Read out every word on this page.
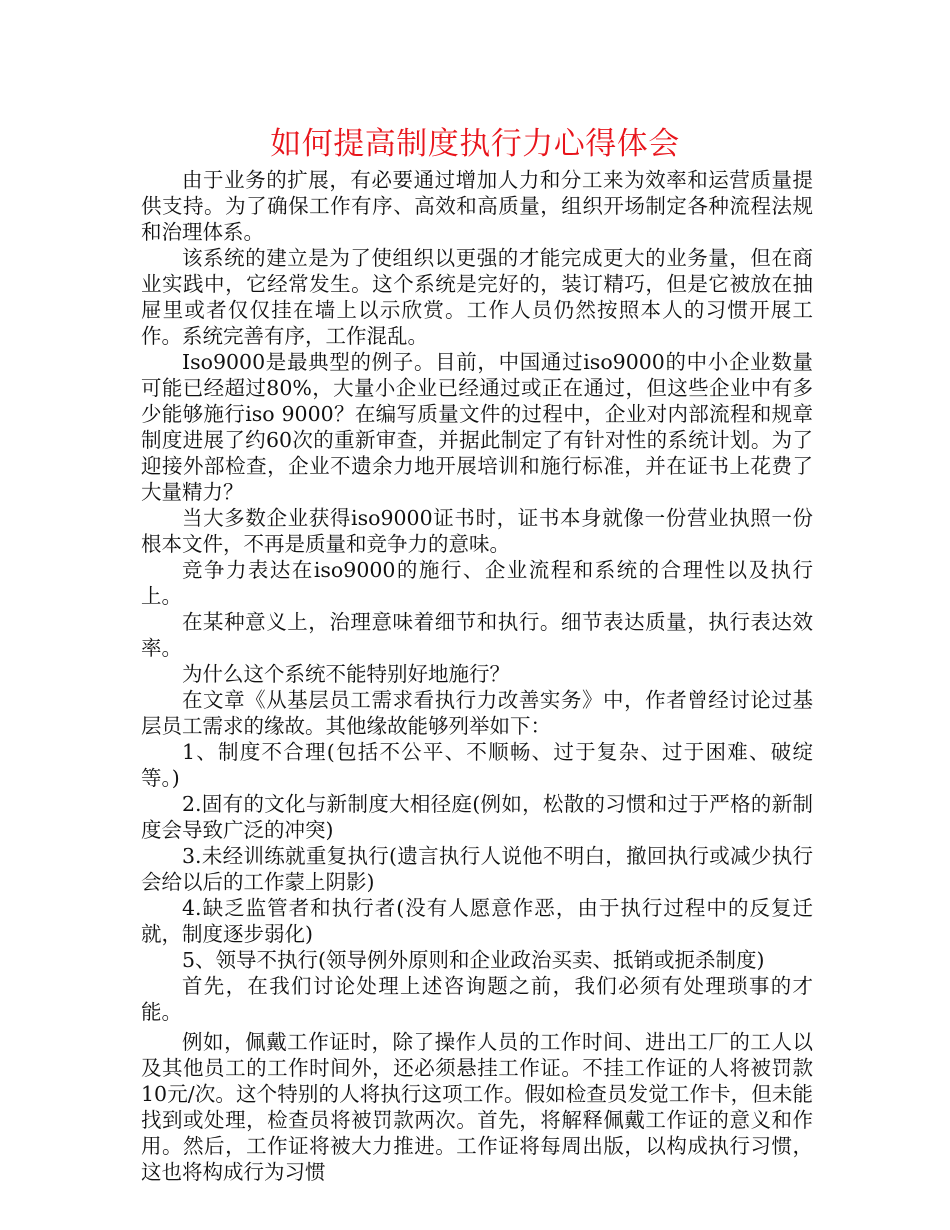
如何提高制度执行力心得体会

由于业务的扩展，有必要通过增加人力和分工来为效率和运营质量提供支持。为了确保工作有序、高效和高质量，组织开场制定各种流程法规和治理体系。

该系统的建立是为了使组织以更强的才能完成更大的业务量，但在商业实践中，它经常发生。这个系统是完好的，装订精巧，但是它被放在抽屉里或者仅仅挂在墙上以示欣赏。工作人员仍然按照本人的习惯开展工作。系统完善有序，工作混乱。

Iso9000是最典型的例子。目前，中国通过iso9000的中小企业数量可能已经超过80%，大量小企业已经通过或正在通过，但这些企业中有多少能够施行iso 9000？在编写质量文件的过程中，企业对内部流程和规章制度进展了约60次的重新审查，并据此制定了有针对性的系统计划。为了迎接外部检查，企业不遗余力地开展培训和施行标准，并在证书上花费了大量精力？

当大多数企业获得iso9000证书时，证书本身就像一份营业执照一份根本文件，不再是质量和竞争力的意味。

竞争力表达在iso9000的施行、企业流程和系统的合理性以及执行上。

在某种意义上，治理意味着细节和执行。细节表达质量，执行表达效率。

为什么这个系统不能特别好地施行？

在文章《从基层员工需求看执行力改善实务》中，作者曾经讨论过基层员工需求的缘故。其他缘故能够列举如下：

1、制度不合理(包括不公平、不顺畅、过于复杂、过于困难、破绽等。)

2.固有的文化与新制度大相径庭(例如，松散的习惯和过于严格的新制度会导致广泛的冲突)

3.未经训练就重复执行(遗言执行人说他不明白，撤回执行或减少执行会给以后的工作蒙上阴影)

4.缺乏监管者和执行者(没有人愿意作恶，由于执行过程中的反复迁就，制度逐步弱化)

5、领导不执行(领导例外原则和企业政治买卖、抵销或扼杀制度)

首先，在我们讨论处理上述咨询题之前，我们必须有处理琐事的才能。

例如，佩戴工作证时，除了操作人员的工作时间、进出工厂的工人以及其他员工的工作时间外，还必须悬挂工作证。不挂工作证的人将被罚款10元/次。这个特别的人将执行这项工作。假如检查员发觉工作卡，但未能找到或处理，检查员将被罚款两次。首先，将解释佩戴工作证的意义和作用。然后，工作证将被大力推进。工作证将每周出版，以构成执行习惯，这也将构成行为习惯
